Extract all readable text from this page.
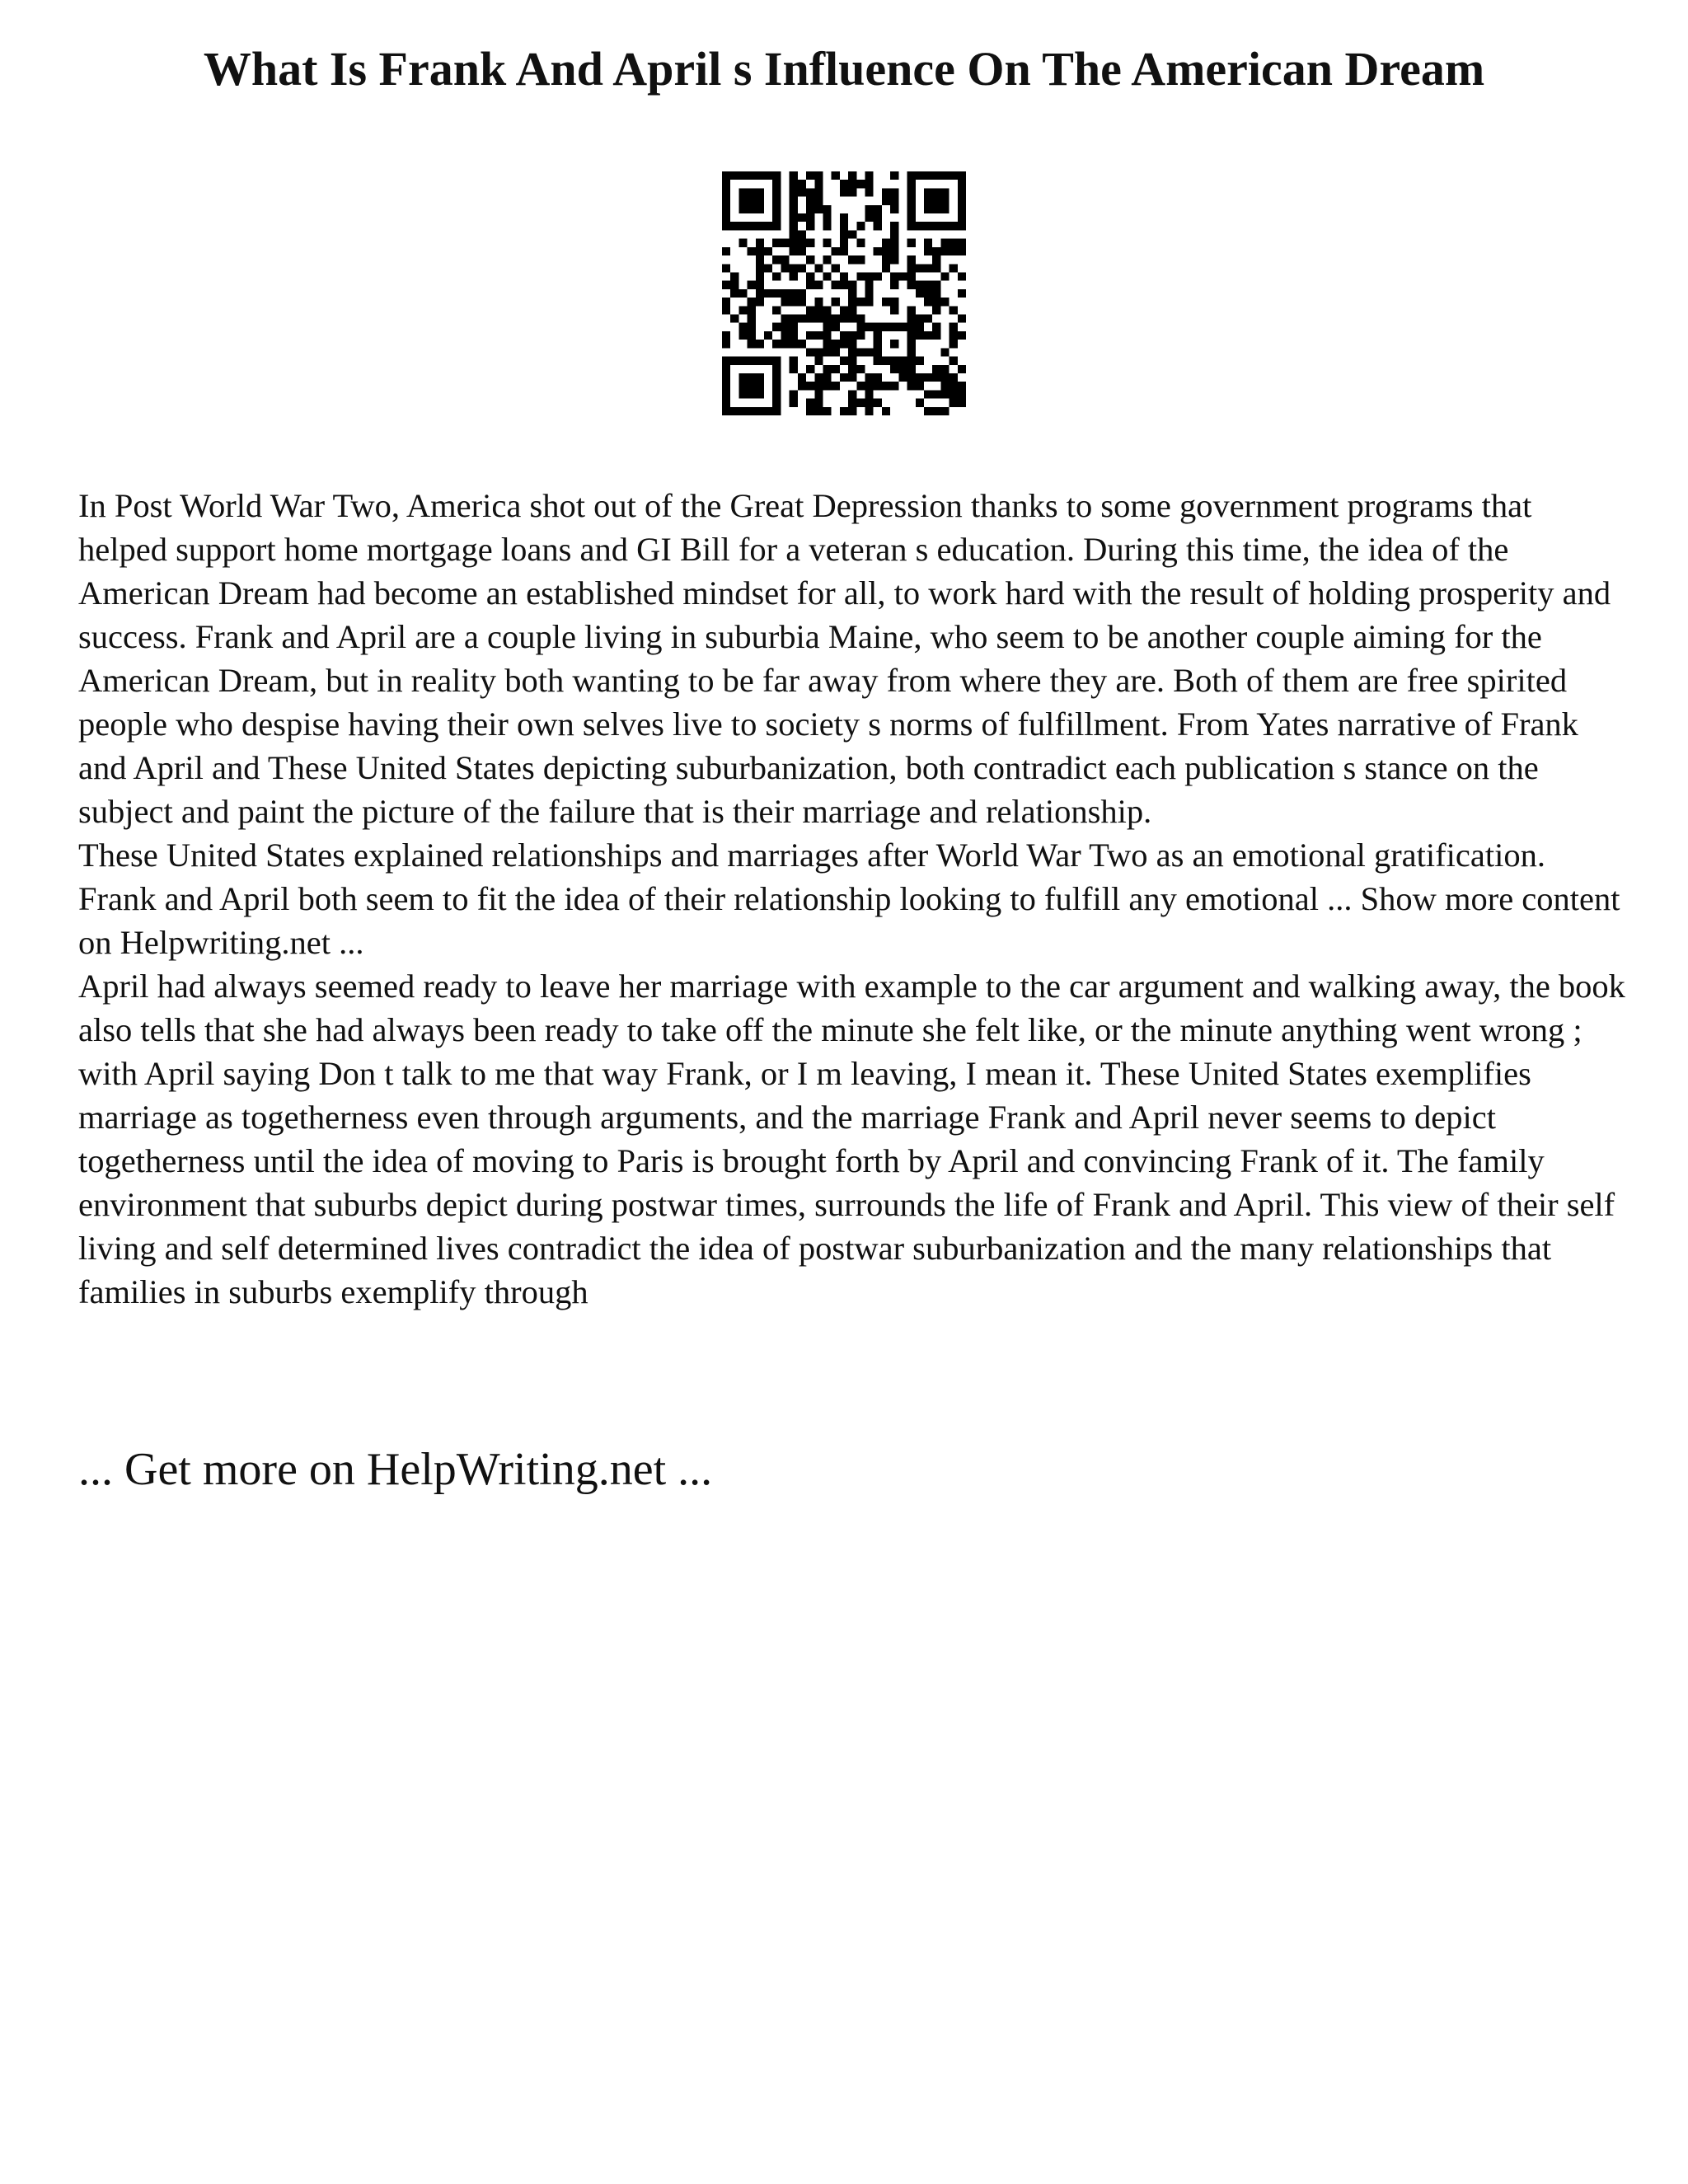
What Is Frank And April s Influence On The American Dream

In Post World War Two, America shot out of the Great Depression thanks to some government programs that helped support home mortgage loans and GI Bill for a veteran s education. During this time, the idea of the American Dream had become an established mindset for all, to work hard with the result of holding prosperity and success. Frank and April are a couple living in suburbia Maine, who seem to be another couple aiming for the American Dream, but in reality both wanting to be far away from where they are. Both of them are free spirited people who despise having their own selves live to society s norms of fulfillment. From Yates narrative of Frank and April and These United States depicting suburbanization, both contradict each publication s stance on the subject and paint the picture of the failure that is their marriage and relationship.

These United States explained relationships and marriages after World War Two as an emotional gratification. Frank and April both seem to fit the idea of their relationship looking to fulfill any emotional ... Show more content on Helpwriting.net ...

April had always seemed ready to leave her marriage with example to the car argument and walking away, the book also tells that she had always been ready to take off the minute she felt like, or the minute anything went wrong ; with April saying Don t talk to me that way Frank, or I m leaving, I mean it. These United States exemplifies marriage as togetherness even through arguments, and the marriage Frank and April never seems to depict togetherness until the idea of moving to Paris is brought forth by April and convincing Frank of it. The family environment that suburbs depict during postwar times, surrounds the life of Frank and April. This view of their self living and self determined lives contradict the idea of postwar suburbanization and the many relationships that families in suburbs exemplify through

... Get more on HelpWriting.net ...
